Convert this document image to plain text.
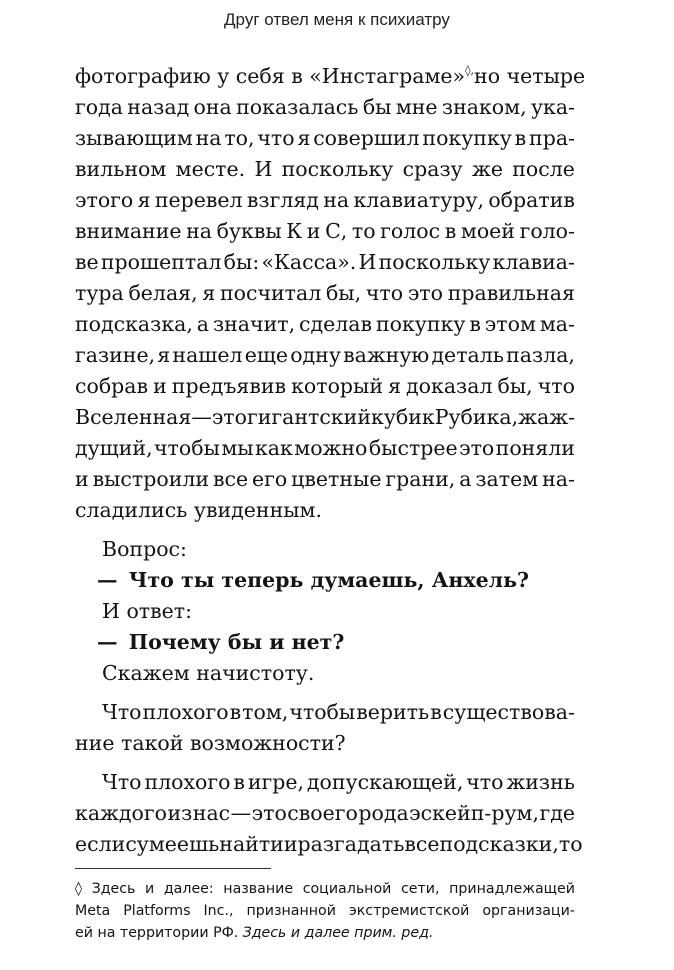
Друг отвел меня к психиатру
фотографию у себя в «Инстаграме»◊, но четыре
года назад она показалась бы мне знаком, ука-
зывающим на то, что я совершил покупку в пра-
вильном месте. И поскольку сразу же после
этого я перевел взгляд на клавиатуру, обратив
внимание на буквы К и С, то голос в моей голо-
ве прошептал бы: «Касса». И поскольку клавиа-
тура белая, я посчитал бы, что это правильная
подсказка, а значит, сделав покупку в этом ма-
газине, я нашел еще одну важную деталь пазла,
собрав и предъявив который я доказал бы, что
Вселенная — это гигантский кубик Рубика, жаж-
дущий, чтобы мы как можно быстрее это поняли
и выстроили все его цветные грани, а затем на-
сладились увиденным.
Вопрос:
— Что ты теперь думаешь, Анхель?
И ответ:
— Почему бы и нет?
Скажем начистоту.
Что плохого в том, чтобы верить в существова-
ние такой возможности?
Что плохого в игре, допускающей, что жизнь
каждого из нас — это своего рода эскейп-рум, где
если сумеешь найти и разгадать все подсказки, то
◊ Здесь и далее: название социальной сети, принадлежащей
Meta Platforms Inc., признанной экстремистской организаци-
ей на территории РФ. Здесь и далее прим. ред.
